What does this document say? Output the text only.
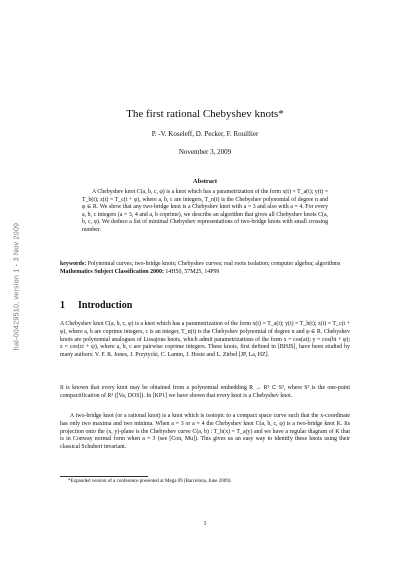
hal-00429510, version 1 - 3 Nov 2009
The first rational Chebyshev knots*
P. -V. Koseleff, D. Pecker, F. Rouillier
November 3, 2009
Abstract

A Chebyshev knot C(a, b, c, φ) is a knot which has a parametrization of the form x(t) = T_a(t); y(t) = T_b(t); z(t) = T_c(t + φ), where a, b, c are integers, T_n(t) is the Chebyshev polynomial of degree n and φ ∈ R. We show that any two-bridge knot is a Chebyshev knot with a = 3 and also with a = 4. For every a, b, c integers (a = 3, 4 and a, b coprime), we describe an algorithm that gives all Chebyshev knots C(a, b, c, φ). We deduce a list of minimal Chebyshev representations of two-bridge knots with small crossing number.

keywords: Polynomial curves; two-bridge knots; Chebyshev curves; real roots isolation; computer algebra; algorithms
Mathematics Subject Classification 2000: 14H50, 57M25, 14P99

1 Introduction

A Chebyshev knot C(a, b, c, φ) is a knot which has a parametrization of the form x(t) = T_a(t); y(t) = T_b(t); z(t) = T_c(t + φ), where a, b are coprime integers, c is an integer, T_n(t) is the Chebyshev polynomial of degree n and φ ∈ R. Chebyshev knots are polynomial analogues of Lissajous knots, which admit parametrizations of the form x = cos(at); y = cos(bt + φ); z = cos(ct + ψ), where a, b, c are pairwise coprime integers. These knots, first defined in [BHJS], have been studied by many authors: V. F. R. Jones, J. Przytycki, C. Lamm, J. Hoste and L. Zirbel [JP, La, HZ].

It is known that every knot may be obtained from a polynomial embedding R → R³ ⊂ S³, where S³ is the one-point compactification of R³ ([Va, DOS]). In [KP1] we have shown that every knot is a Chebyshev knot.

A two-bridge knot (or a rational knot) is a knot which is isotopic to a compact space curve such that the x-coordinate has only two maxima and two minima. When a = 3 or a = 4 the Chebyshev knot C(a, b, c, φ) is a two-bridge knot K. Its projection onto the (x, y)-plane is the Chebyshev curve C(a, b) : T_b(x) = T_a(y) and we have a regular diagram of K that is in Conway normal form when a = 3 (see [Con, Mu]). This gives us an easy way to identify these knots using their classical Schubert invariant.

*Expanded version of a conference presented at Mega 09 (Barcelona, June 2009).
1
